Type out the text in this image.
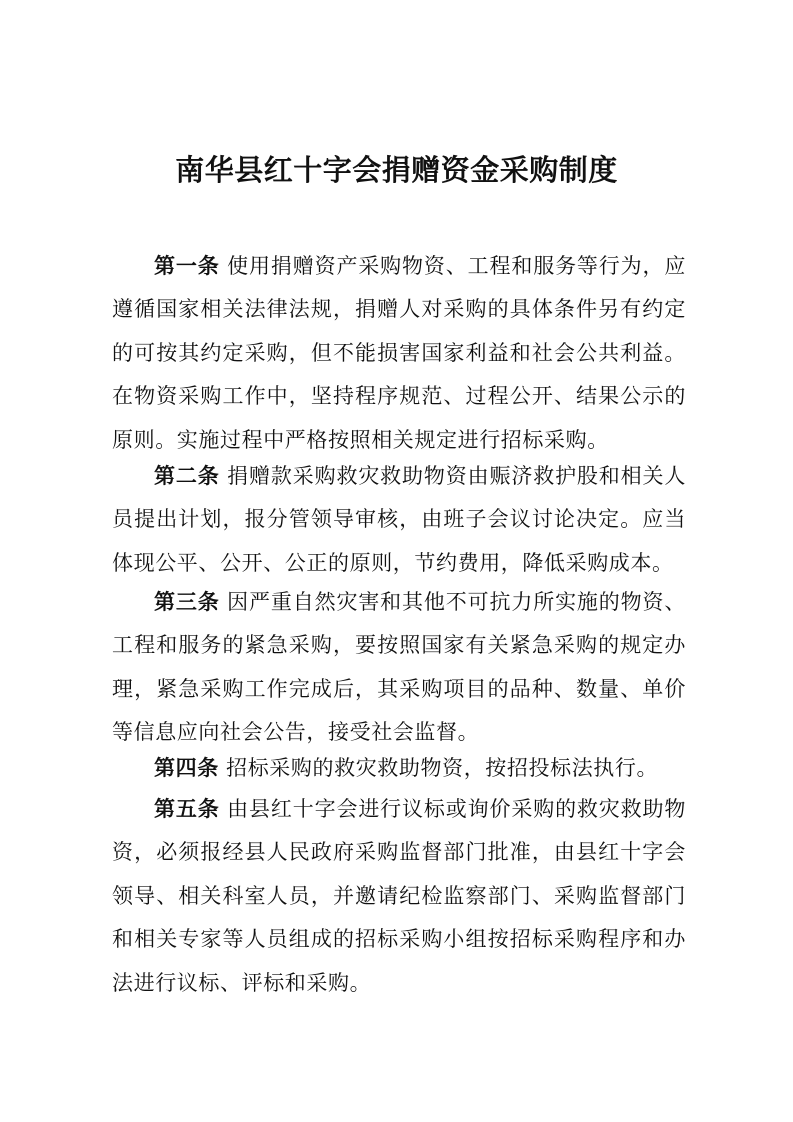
南华县红十字会捐赠资金采购制度

第一条 使用捐赠资产采购物资、工程和服务等行为，应遵循国家相关法律法规，捐赠人对采购的具体条件另有约定的可按其约定采购，但不能损害国家利益和社会公共利益。在物资采购工作中，坚持程序规范、过程公开、结果公示的原则。实施过程中严格按照相关规定进行招标采购。

第二条 捐赠款采购救灾救助物资由赈济救护股和相关人员提出计划，报分管领导审核，由班子会议讨论决定。应当体现公平、公开、公正的原则，节约费用，降低采购成本。

第三条 因严重自然灾害和其他不可抗力所实施的物资、工程和服务的紧急采购，要按照国家有关紧急采购的规定办理，紧急采购工作完成后，其采购项目的品种、数量、单价等信息应向社会公告，接受社会监督。

第四条 招标采购的救灾救助物资，按招投标法执行。

第五条 由县红十字会进行议标或询价采购的救灾救助物资，必须报经县人民政府采购监督部门批准，由县红十字会领导、相关科室人员，并邀请纪检监察部门、采购监督部门和相关专家等人员组成的招标采购小组按招标采购程序和办法进行议标、评标和采购。
